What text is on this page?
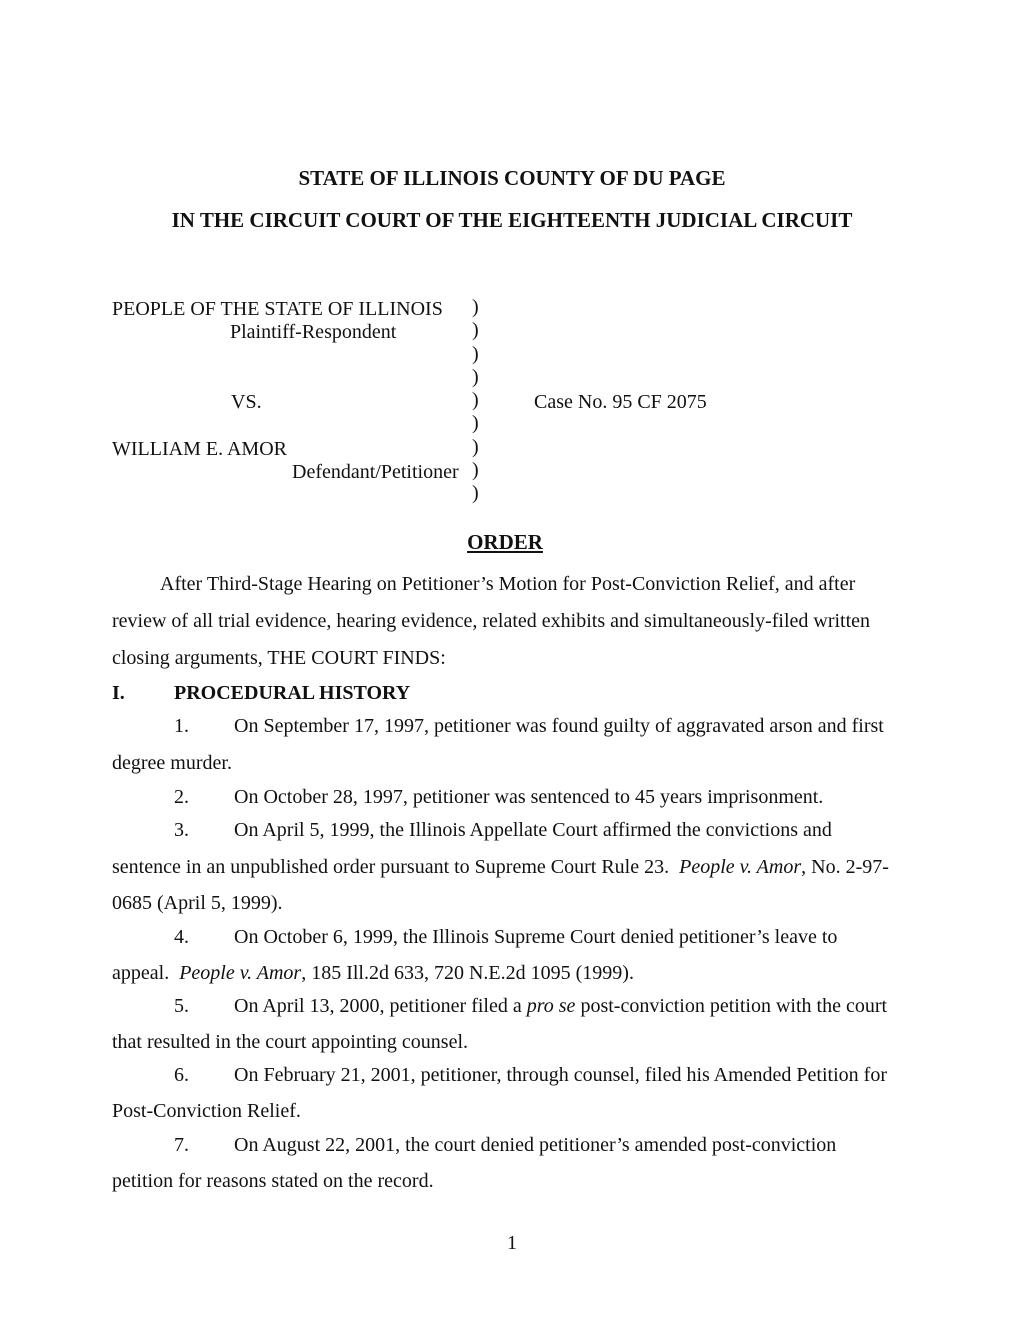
STATE OF ILLINOIS COUNTY OF DU PAGE
IN THE CIRCUIT COURT OF THE EIGHTEENTH JUDICIAL CIRCUIT
PEOPLE OF THE STATE OF ILLINOIS
Plaintiff-Respondent
VS.
WILLIAM E. AMOR
Defendant/Petitioner
Case No. 95 CF 2075
)
)
)
)
)
)
)
)
)
ORDER
After Third-Stage Hearing on Petitioner’s Motion for Post-Conviction Relief, and after
review of all trial evidence, hearing evidence, related exhibits and simultaneously-filed written
closing arguments, THE COURT FINDS:
I. PROCEDURAL HISTORY
1. On September 17, 1997, petitioner was found guilty of aggravated arson and first
degree murder.
2. On October 28, 1997, petitioner was sentenced to 45 years imprisonment.
3. On April 5, 1999, the Illinois Appellate Court affirmed the convictions and
sentence in an unpublished order pursuant to Supreme Court Rule 23. People v. Amor, No. 2-97-
0685 (April 5, 1999).
4. On October 6, 1999, the Illinois Supreme Court denied petitioner’s leave to
appeal. People v. Amor, 185 Ill.2d 633, 720 N.E.2d 1095 (1999).
5. On April 13, 2000, petitioner filed a pro se post-conviction petition with the court
that resulted in the court appointing counsel.
6. On February 21, 2001, petitioner, through counsel, filed his Amended Petition for
Post-Conviction Relief.
7. On August 22, 2001, the court denied petitioner’s amended post-conviction
petition for reasons stated on the record.
1
